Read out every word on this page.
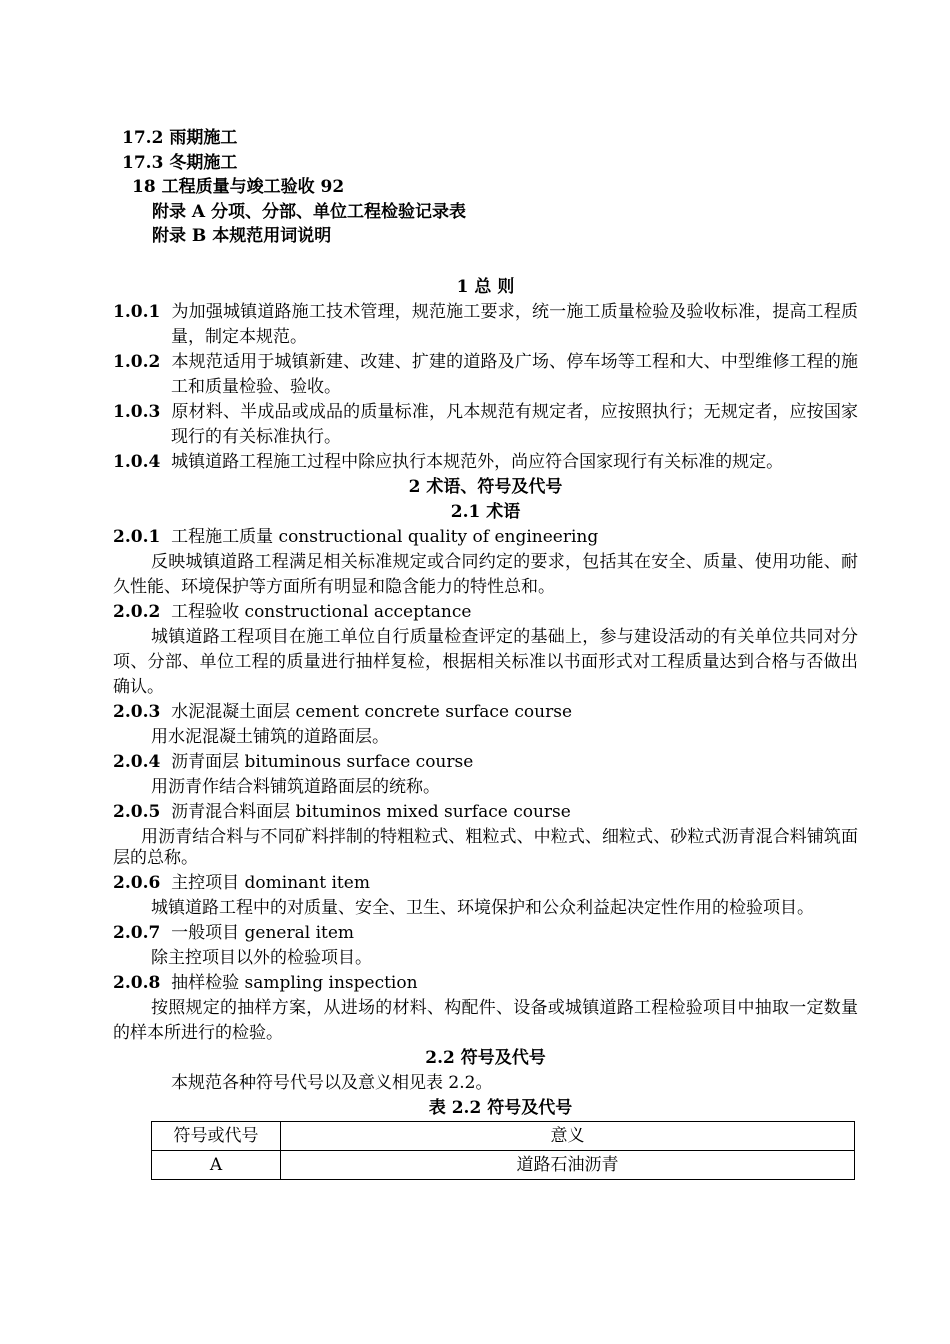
17.2 雨期施工
17.3 冬期施工
18 工程质量与竣工验收 92
附录 A 分项、分部、单位工程检验记录表
附录 B 本规范用词说明
1 总 则
1.0.1 为加强城镇道路施工技术管理，规范施工要求，统一施工质量检验及验收标准，提高工程质量，制定本规范。
1.0.2 本规范适用于城镇新建、改建、扩建的道路及广场、停车场等工程和大、中型维修工程的施工和质量检验、验收。
1.0.3 原材料、半成品或成品的质量标准，凡本规范有规定者，应按照执行；无规定者，应按国家现行的有关标准执行。
1.0.4 城镇道路工程施工过程中除应执行本规范外，尚应符合国家现行有关标准的规定。
2 术语、符号及代号
2.1 术语
2.0.1 工程施工质量 constructional quality of engineering
反映城镇道路工程满足相关标准规定或合同约定的要求，包括其在安全、质量、使用功能、耐久性能、环境保护等方面所有明显和隐含能力的特性总和。
2.0.2 工程验收 constructional acceptance
城镇道路工程项目在施工单位自行质量检查评定的基础上，参与建设活动的有关单位共同对分项、分部、单位工程的质量进行抽样复检，根据相关标准以书面形式对工程质量达到合格与否做出确认。
2.0.3 水泥混凝土面层 cement concrete surface course
用水泥混凝土铺筑的道路面层。
2.0.4 沥青面层 bituminous surface course
用沥青作结合料铺筑道路面层的统称。
2.0.5 沥青混合料面层 bituminos mixed surface course
用沥青结合料与不同矿料拌制的特粗粒式、粗粒式、中粒式、细粒式、砂粒式沥青混合料铺筑面层的总称。
2.0.6 主控项目 dominant item
城镇道路工程中的对质量、安全、卫生、环境保护和公众利益起决定性作用的检验项目。
2.0.7 一般项目 general item
除主控项目以外的检验项目。
2.0.8 抽样检验 sampling inspection
按照规定的抽样方案，从进场的材料、构配件、设备或城镇道路工程检验项目中抽取一定数量的样本所进行的检验。
2.2 符号及代号
本规范各种符号代号以及意义相见表 2.2。
表 2.2 符号及代号
符号或代号	意义
A	道路石油沥青
